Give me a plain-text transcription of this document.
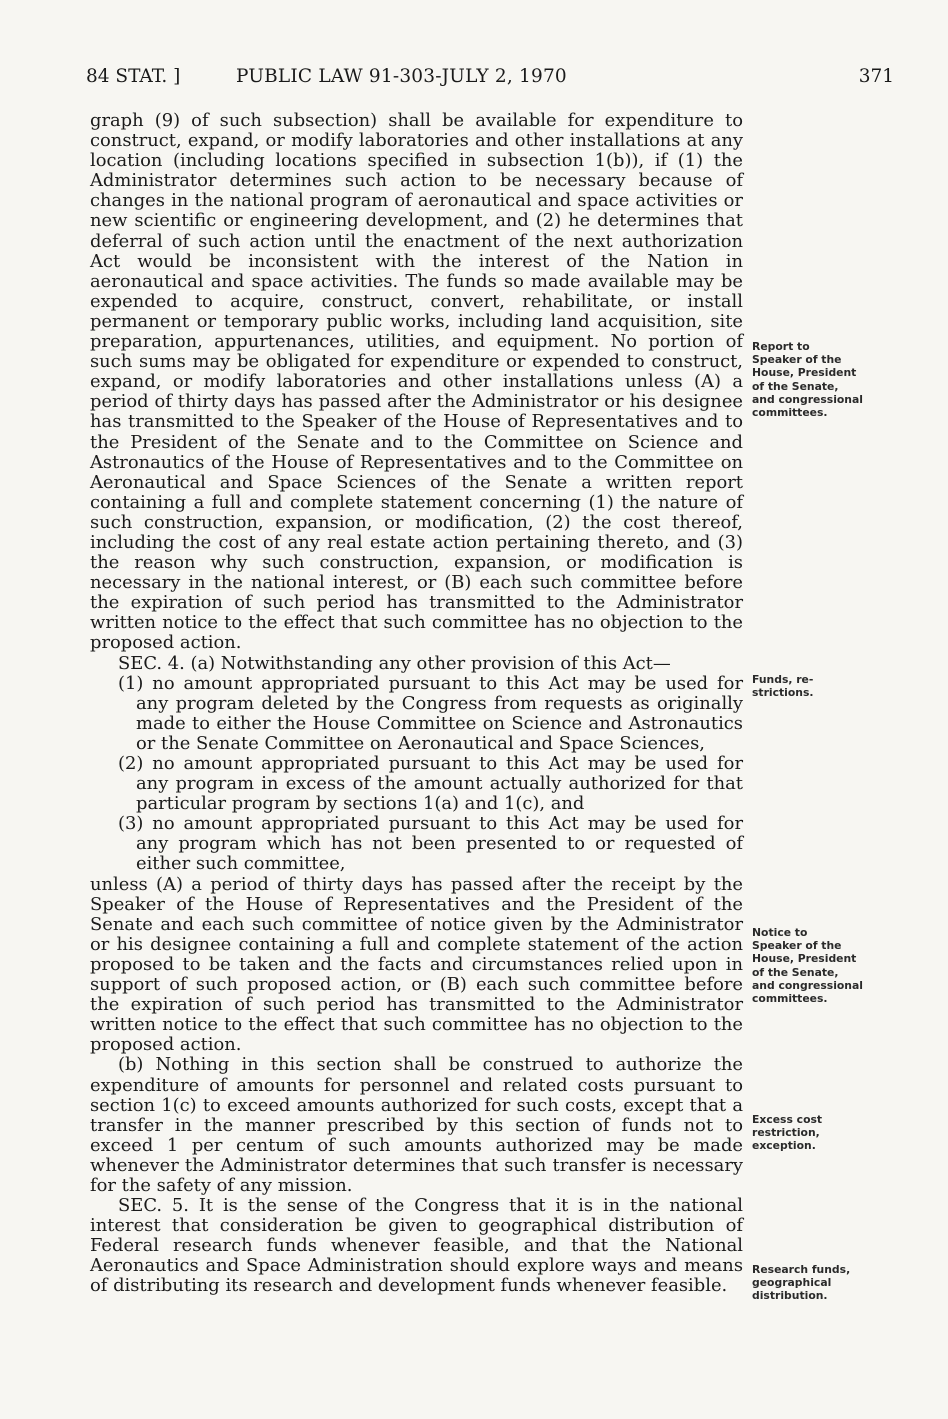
84 STAT. ]	PUBLIC LAW 91-303-JULY 2, 1970	371

graph (9) of such subsection) shall be available for expenditure to construct, expand, or modify laboratories and other installations at any location (including locations specified in subsection 1(b)), if (1) the Administrator determines such action to be necessary because of changes in the national program of aeronautical and space activities or new scientific or engineering development, and (2) he determines that deferral of such action until the enactment of the next authorization Act would be inconsistent with the interest of the Nation in aeronautical and space activities. The funds so made available may be expended to acquire, construct, convert, rehabilitate, or install permanent or temporary public works, including land acquisition, site preparation, appurtenances, utilities, and equipment. No portion of such sums may be obligated for expenditure or expended to construct, expand, or modify laboratories and other installations unless (A) a period of thirty days has passed after the Administrator or his designee has transmitted to the Speaker of the House of Representatives and to the President of the Senate and to the Committee on Science and Astronautics of the House of Representatives and to the Committee on Aeronautical and Space Sciences of the Senate a written report containing a full and complete statement concerning (1) the nature of such construction, expansion, or modification, (2) the cost thereof, including the cost of any real estate action pertaining thereto, and (3) the reason why such construction, expansion, or modification is necessary in the national interest, or (B) each such committee before the expiration of such period has transmitted to the Administrator written notice to the effect that such committee has no objection to the proposed action.

SEC. 4. (a) Notwithstanding any other provision of this Act—

(1) no amount appropriated pursuant to this Act may be used for any program deleted by the Congress from requests as originally made to either the House Committee on Science and Astronautics or the Senate Committee on Aeronautical and Space Sciences,

(2) no amount appropriated pursuant to this Act may be used for any program in excess of the amount actually authorized for that particular program by sections 1(a) and 1(c), and

(3) no amount appropriated pursuant to this Act may be used for any program which has not been presented to or requested of either such committee,

unless (A) a period of thirty days has passed after the receipt by the Speaker of the House of Representatives and the President of the Senate and each such committee of notice given by the Administrator or his designee containing a full and complete statement of the action proposed to be taken and the facts and circumstances relied upon in support of such proposed action, or (B) each such committee before the expiration of such period has transmitted to the Administrator written notice to the effect that such committee has no objection to the proposed action.

(b) Nothing in this section shall be construed to authorize the expenditure of amounts for personnel and related costs pursuant to section 1(c) to exceed amounts authorized for such costs, except that a transfer in the manner prescribed by this section of funds not to exceed 1 per centum of such amounts authorized may be made whenever the Administrator determines that such transfer is necessary for the safety of any mission.

SEC. 5. It is the sense of the Congress that it is in the national interest that consideration be given to geographical distribution of Federal research funds whenever feasible, and that the National Aeronautics and Space Administration should explore ways and means of distributing its research and development funds whenever feasible.

Report to
Speaker of the
House, President
of the Senate,
and congressional
committees.
Funds, re-
strictions.
Notice to
Speaker of the
House, President
of the Senate,
and congressional
committees.
Excess cost
restriction,
exception.
Research funds,
geographical
distribution.
